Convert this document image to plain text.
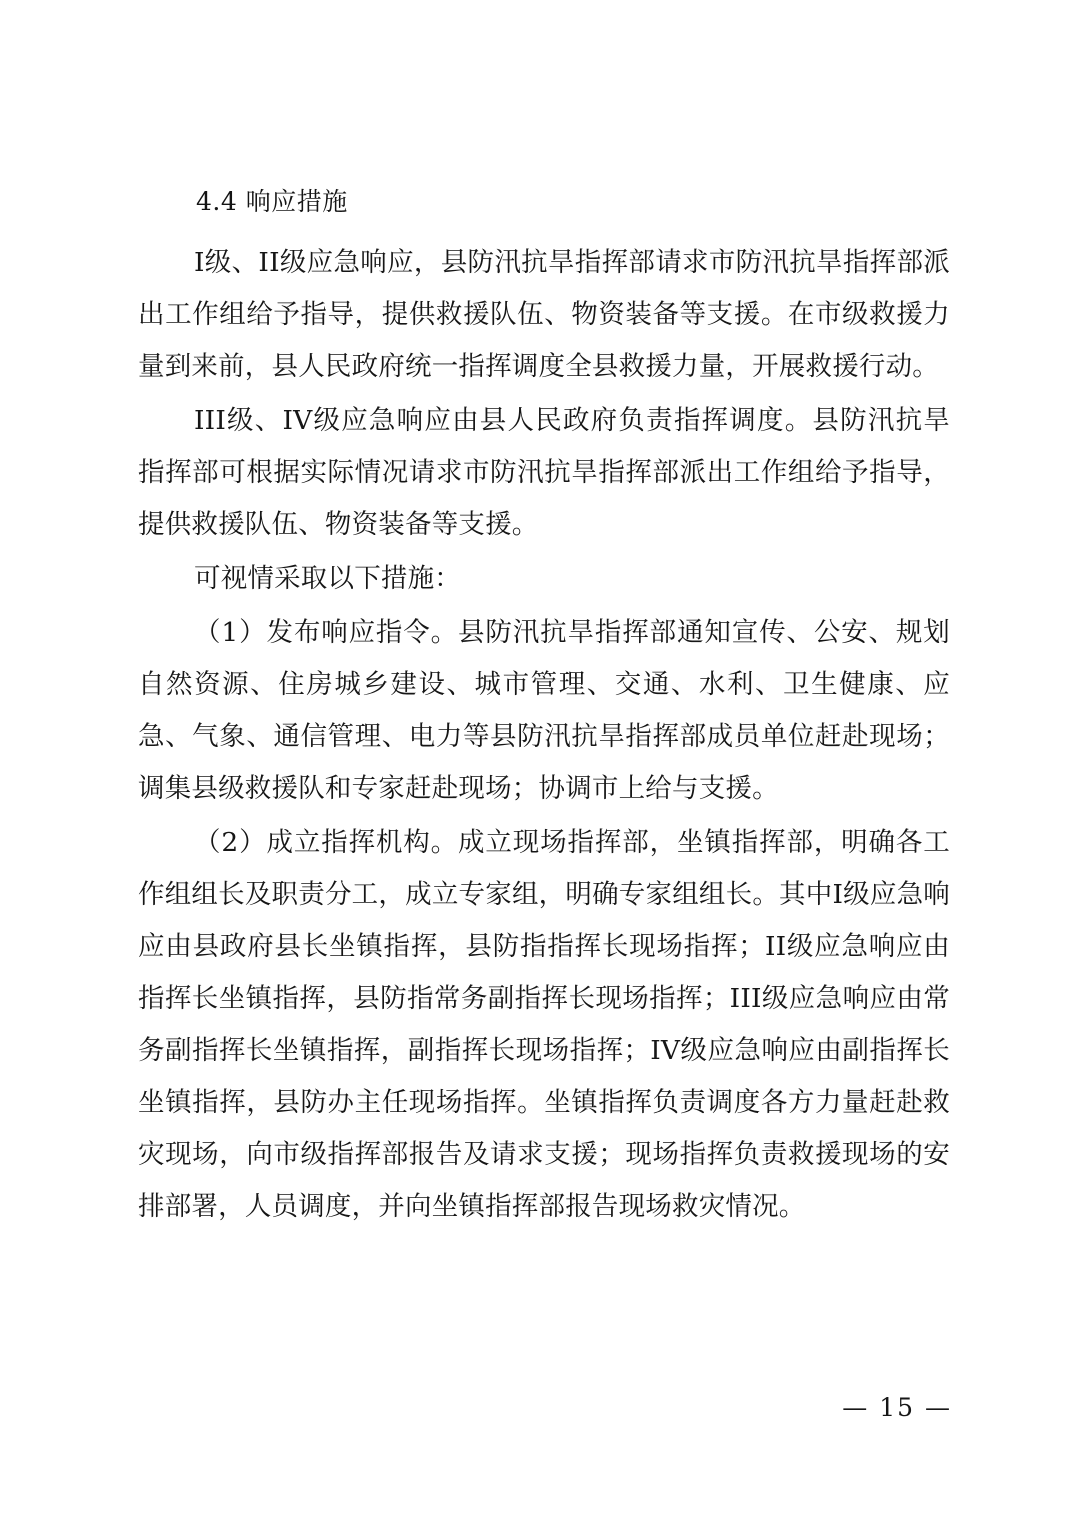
4.4 响应措施

I级、II级应急响应，县防汛抗旱指挥部请求市防汛抗旱指挥部派出工作组给予指导，提供救援队伍、物资装备等支援。在市级救援力量到来前，县人民政府统一指挥调度全县救援力量，开展救援行动。

III级、IV级应急响应由县人民政府负责指挥调度。县防汛抗旱指挥部可根据实际情况请求市防汛抗旱指挥部派出工作组给予指导，提供救援队伍、物资装备等支援。

可视情采取以下措施：

（1）发布响应指令。县防汛抗旱指挥部通知宣传、公安、规划自然资源、住房城乡建设、城市管理、交通、水利、卫生健康、应急、气象、通信管理、电力等县防汛抗旱指挥部成员单位赶赴现场；调集县级救援队和专家赶赴现场；协调市上给与支援。

（2）成立指挥机构。成立现场指挥部，坐镇指挥部，明确各工作组组长及职责分工，成立专家组，明确专家组组长。其中I级应急响应由县政府县长坐镇指挥，县防指指挥长现场指挥；II级应急响应由指挥长坐镇指挥，县防指常务副指挥长现场指挥；III级应急响应由常务副指挥长坐镇指挥，副指挥长现场指挥；IV级应急响应由副指挥长坐镇指挥，县防办主任现场指挥。坐镇指挥负责调度各方力量赶赴救灾现场，向市级指挥部报告及请求支援；现场指挥负责救援现场的安排部署，人员调度，并向坐镇指挥部报告现场救灾情况。

— 15 —
